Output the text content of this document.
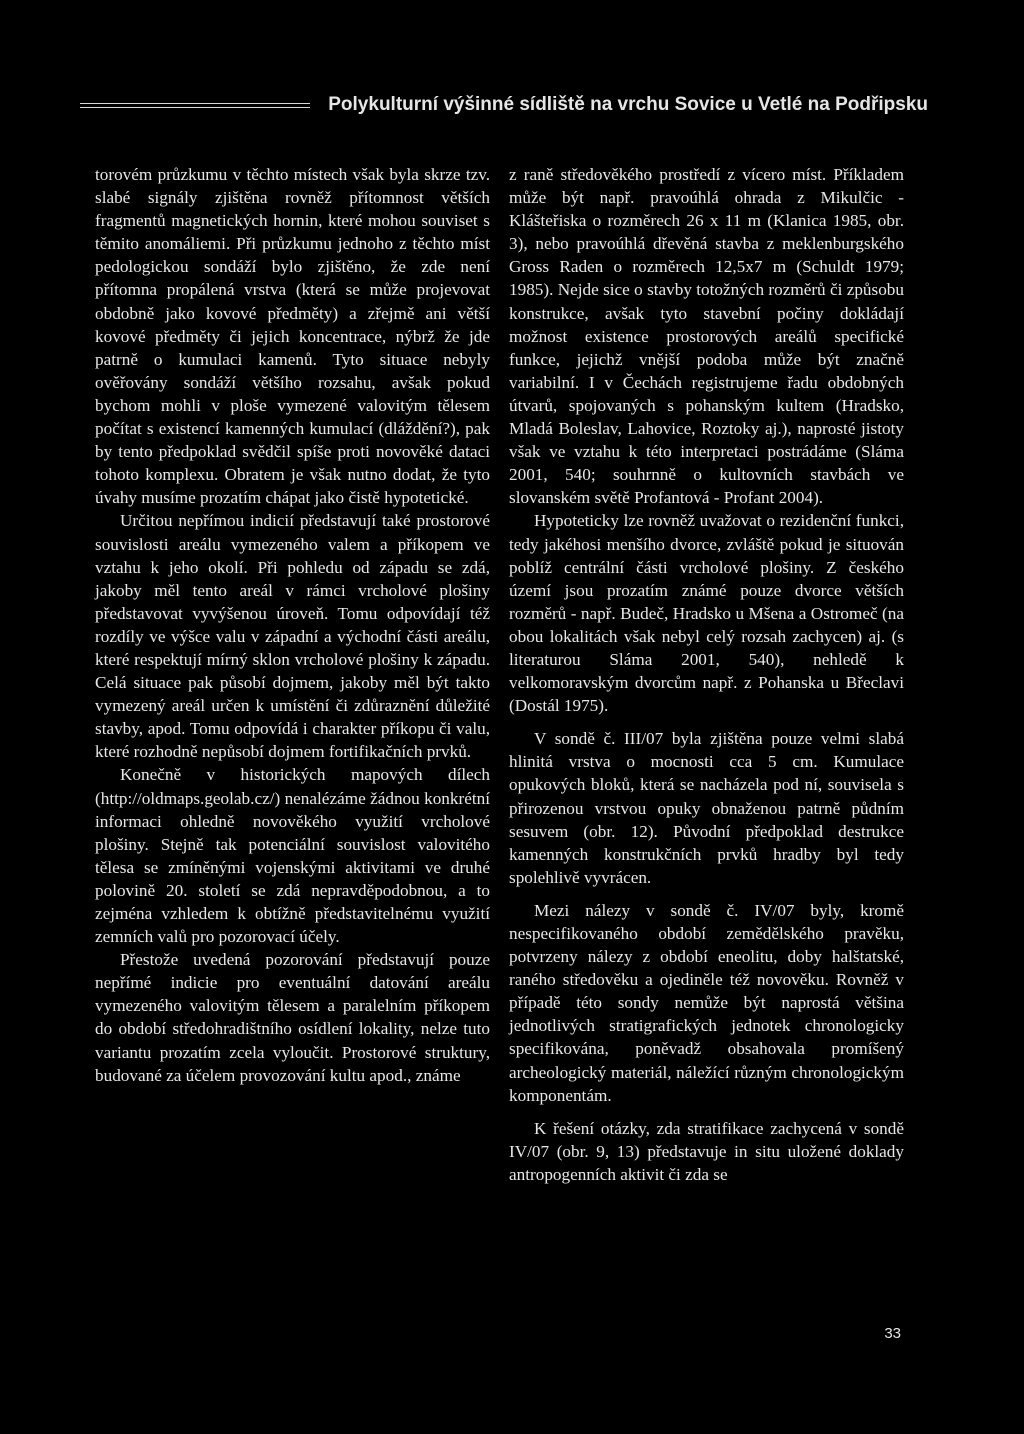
Polykulturní výšinné sídliště na vrchu Sovice u Vetlé na Podřipsku

torovém průzkumu v těchto místech však byla skrze tzv. slabé signály zjištěna rovněž přítomnost větších fragmentů magnetických hornin, které mohou souviset s těmito anomáliemi. Při průzkumu jednoho z těchto míst pedologickou sondáží bylo zjištěno, že zde není přítomna propálená vrstva (která se může projevovat obdobně jako kovové předměty) a zřejmě ani větší kovové předměty či jejich koncentrace, nýbrž že jde patrně o kumulaci kamenů. Tyto situace nebyly ověřovány sondáží většího rozsahu, avšak pokud bychom mohli v ploše vymezené valovitým tělesem počítat s existencí kamenných kumulací (dláždění?), pak by tento předpoklad svědčil spíše proti novověké dataci tohoto komplexu. Obratem je však nutno dodat, že tyto úvahy musíme prozatím chápat jako čistě hypotetické.

Určitou nepřímou indicií představují také prostorové souvislosti areálu vymezeného valem a příkopem ve vztahu k jeho okolí. Při pohledu od západu se zdá, jakoby měl tento areál v rámci vrcholové plošiny představovat vyvýšenou úroveň. Tomu odpovídají též rozdíly ve výšce valu v západní a východní části areálu, které respektují mírný sklon vrcholové plošiny k západu. Celá situace pak působí dojmem, jakoby měl být takto vymezený areál určen k umístění či zdůraznění důležité stavby, apod. Tomu odpovídá i charakter příkopu či valu, které rozhodně nepůsobí dojmem fortifikačních prvků.

Konečně v historických mapových dílech (http://oldmaps.geolab.cz/) nenalézáme žádnou konkrétní informaci ohledně novověkého využití vrcholové plošiny. Stejně tak potenciální souvislost valovitého tělesa se zmíněnými vojenskými aktivitami ve druhé polovině 20. století se zdá nepravděpodobnou, a to zejména vzhledem k obtížně představitelnému využití zemních valů pro pozorovací účely.

Přestože uvedená pozorování představují pouze nepřímé indicie pro eventuální datování areálu vymezeného valovitým tělesem a paralelním příkopem do období středohradištního osídlení lokality, nelze tuto variantu prozatím zcela vyloučit. Prostorové struktury, budované za účelem provozování kultu apod., známe

z raně středověkého prostředí z vícero míst. Příkladem může být např. pravoúhlá ohrada z Mikulčic - Klášteřiska o rozměrech 26 x 11 m (Klanica 1985, obr. 3), nebo pravoúhlá dřevěná stavba z meklenburgského Gross Raden o rozměrech 12,5x7 m (Schuldt 1979; 1985). Nejde sice o stavby totožných rozměrů či způsobu konstrukce, avšak tyto stavební počiny dokládají možnost existence prostorových areálů specifické funkce, jejichž vnější podoba může být značně variabilní. I v Čechách registrujeme řadu obdobných útvarů, spojovaných s pohanským kultem (Hradsko, Mladá Boleslav, Lahovice, Roztoky aj.), naprosté jistoty však ve vztahu k této interpretaci postrádáme (Sláma 2001, 540; souhrnně o kultovních stavbách ve slovanském světě Profantová - Profant 2004).

Hypoteticky lze rovněž uvažovat o rezidenční funkci, tedy jakéhosi menšího dvorce, zvláště pokud je situován poblíž centrální části vrcholové plošiny. Z českého území jsou prozatím známé pouze dvorce větších rozměrů - např. Budeč, Hradsko u Mšena a Ostromeč (na obou lokalitách však nebyl celý rozsah zachycen) aj. (s literaturou Sláma 2001, 540), nehledě k velkomoravským dvorcům např. z Pohanska u Břeclavi (Dostál 1975).

V sondě č. III/07 byla zjištěna pouze velmi slabá hlinitá vrstva o mocnosti cca 5 cm. Kumulace opukových bloků, která se nacházela pod ní, souvisela s přirozenou vrstvou opuky obnaženou patrně půdním sesuvem (obr. 12). Původní předpoklad destrukce kamenných konstrukčních prvků hradby byl tedy spolehlivě vyvrácen.

Mezi nálezy v sondě č. IV/07 byly, kromě nespecifikovaného období zemědělského pravěku, potvrzeny nálezy z období eneolitu, doby halštatské, raného středověku a ojediněle též novověku. Rovněž v případě této sondy nemůže být naprostá většina jednotlivých stratigrafických jednotek chronologicky specifikována, poněvadž obsahovala promíšený archeologický materiál, náležící různým chronologickým komponentám.

K řešení otázky, zda stratifikace zachycená v sondě IV/07 (obr. 9, 13) představuje in situ uložené doklady antropogenních aktivit či zda se

33
